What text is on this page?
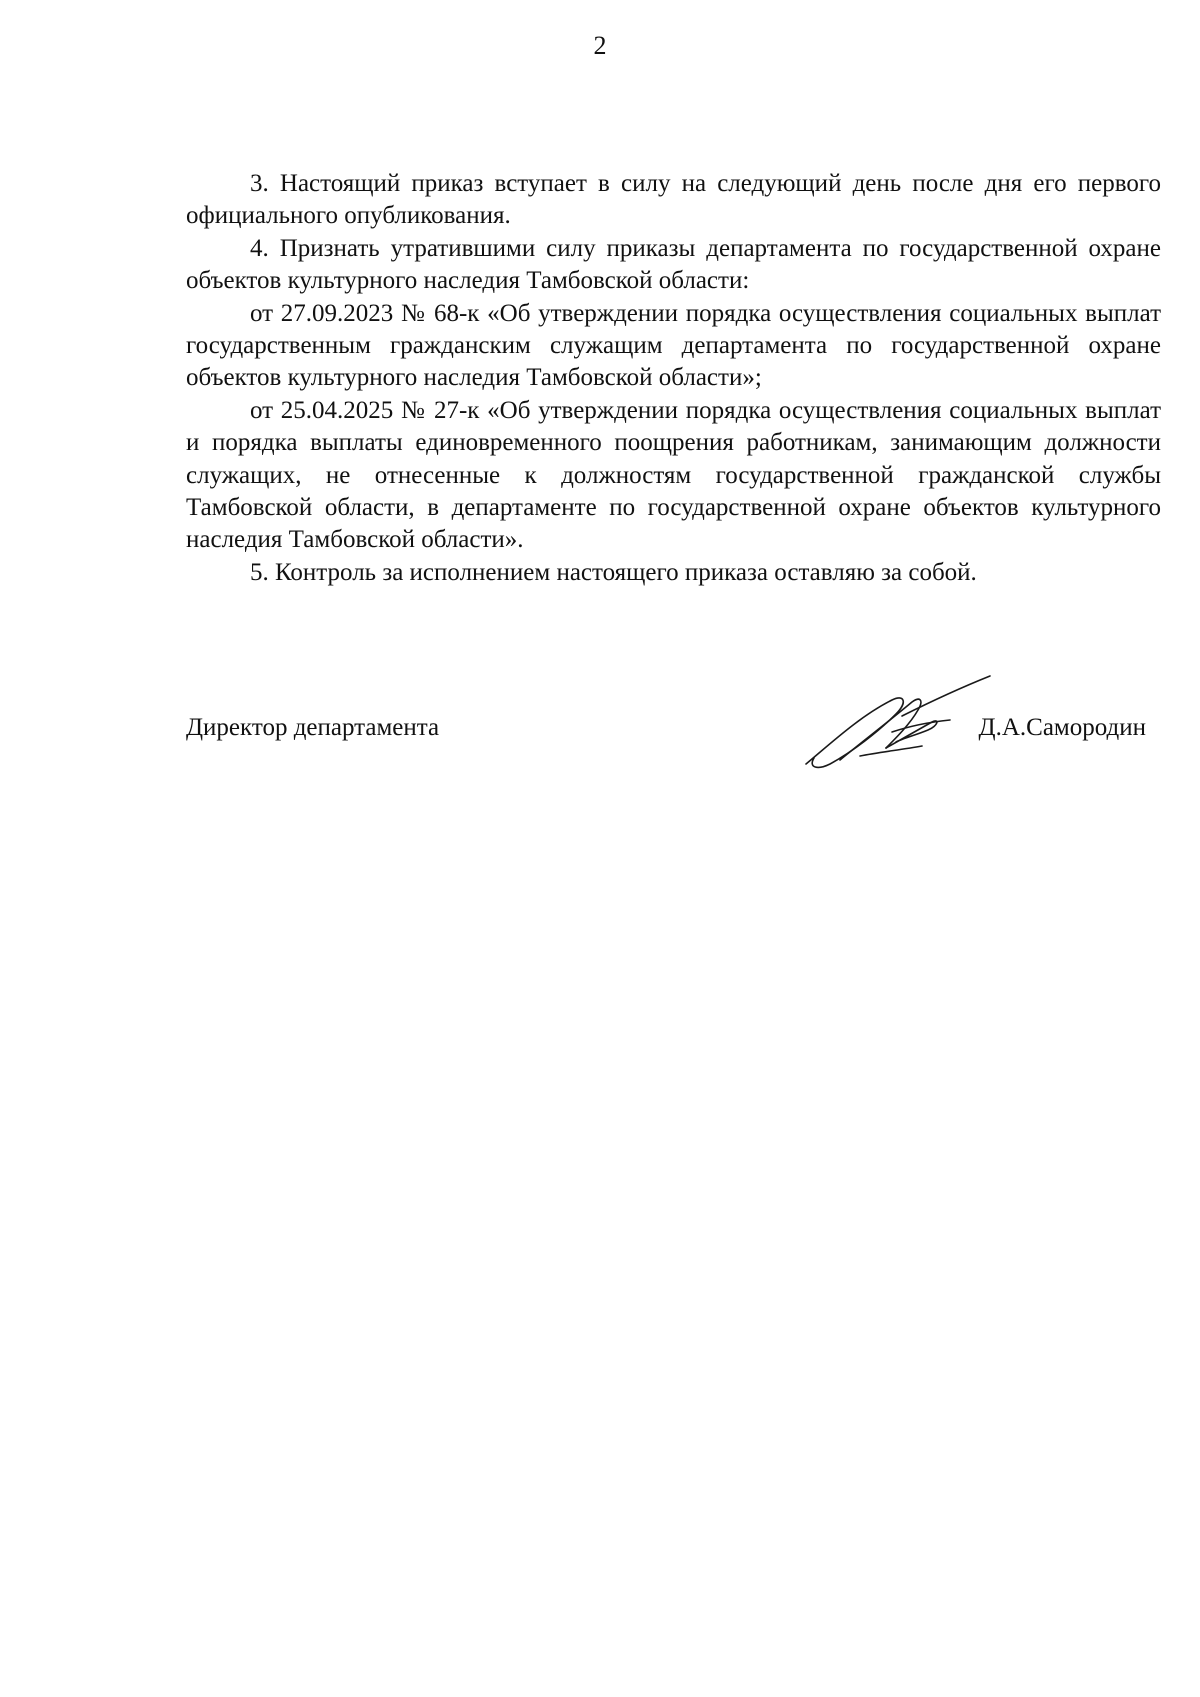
2

3. Настоящий приказ вступает в силу на следующий день после дня его первого официального опубликования.

4. Признать утратившими силу приказы департамента по государственной охране объектов культурного наследия Тамбовской области:

от 27.09.2023 № 68-к «Об утверждении порядка осуществления социальных выплат государственным гражданским служащим департамента по государственной охране объектов культурного наследия Тамбовской области»;

от 25.04.2025 № 27-к «Об утверждении порядка осуществления социальных выплат и порядка выплаты единовременного поощрения работникам, занимающим должности служащих, не отнесенные к должностям государственной гражданской службы Тамбовской области, в департаменте по государственной охране объектов культурного наследия Тамбовской области».

5. Контроль за исполнением настоящего приказа оставляю за собой.

Директор департамента	Д.А.Самородин
